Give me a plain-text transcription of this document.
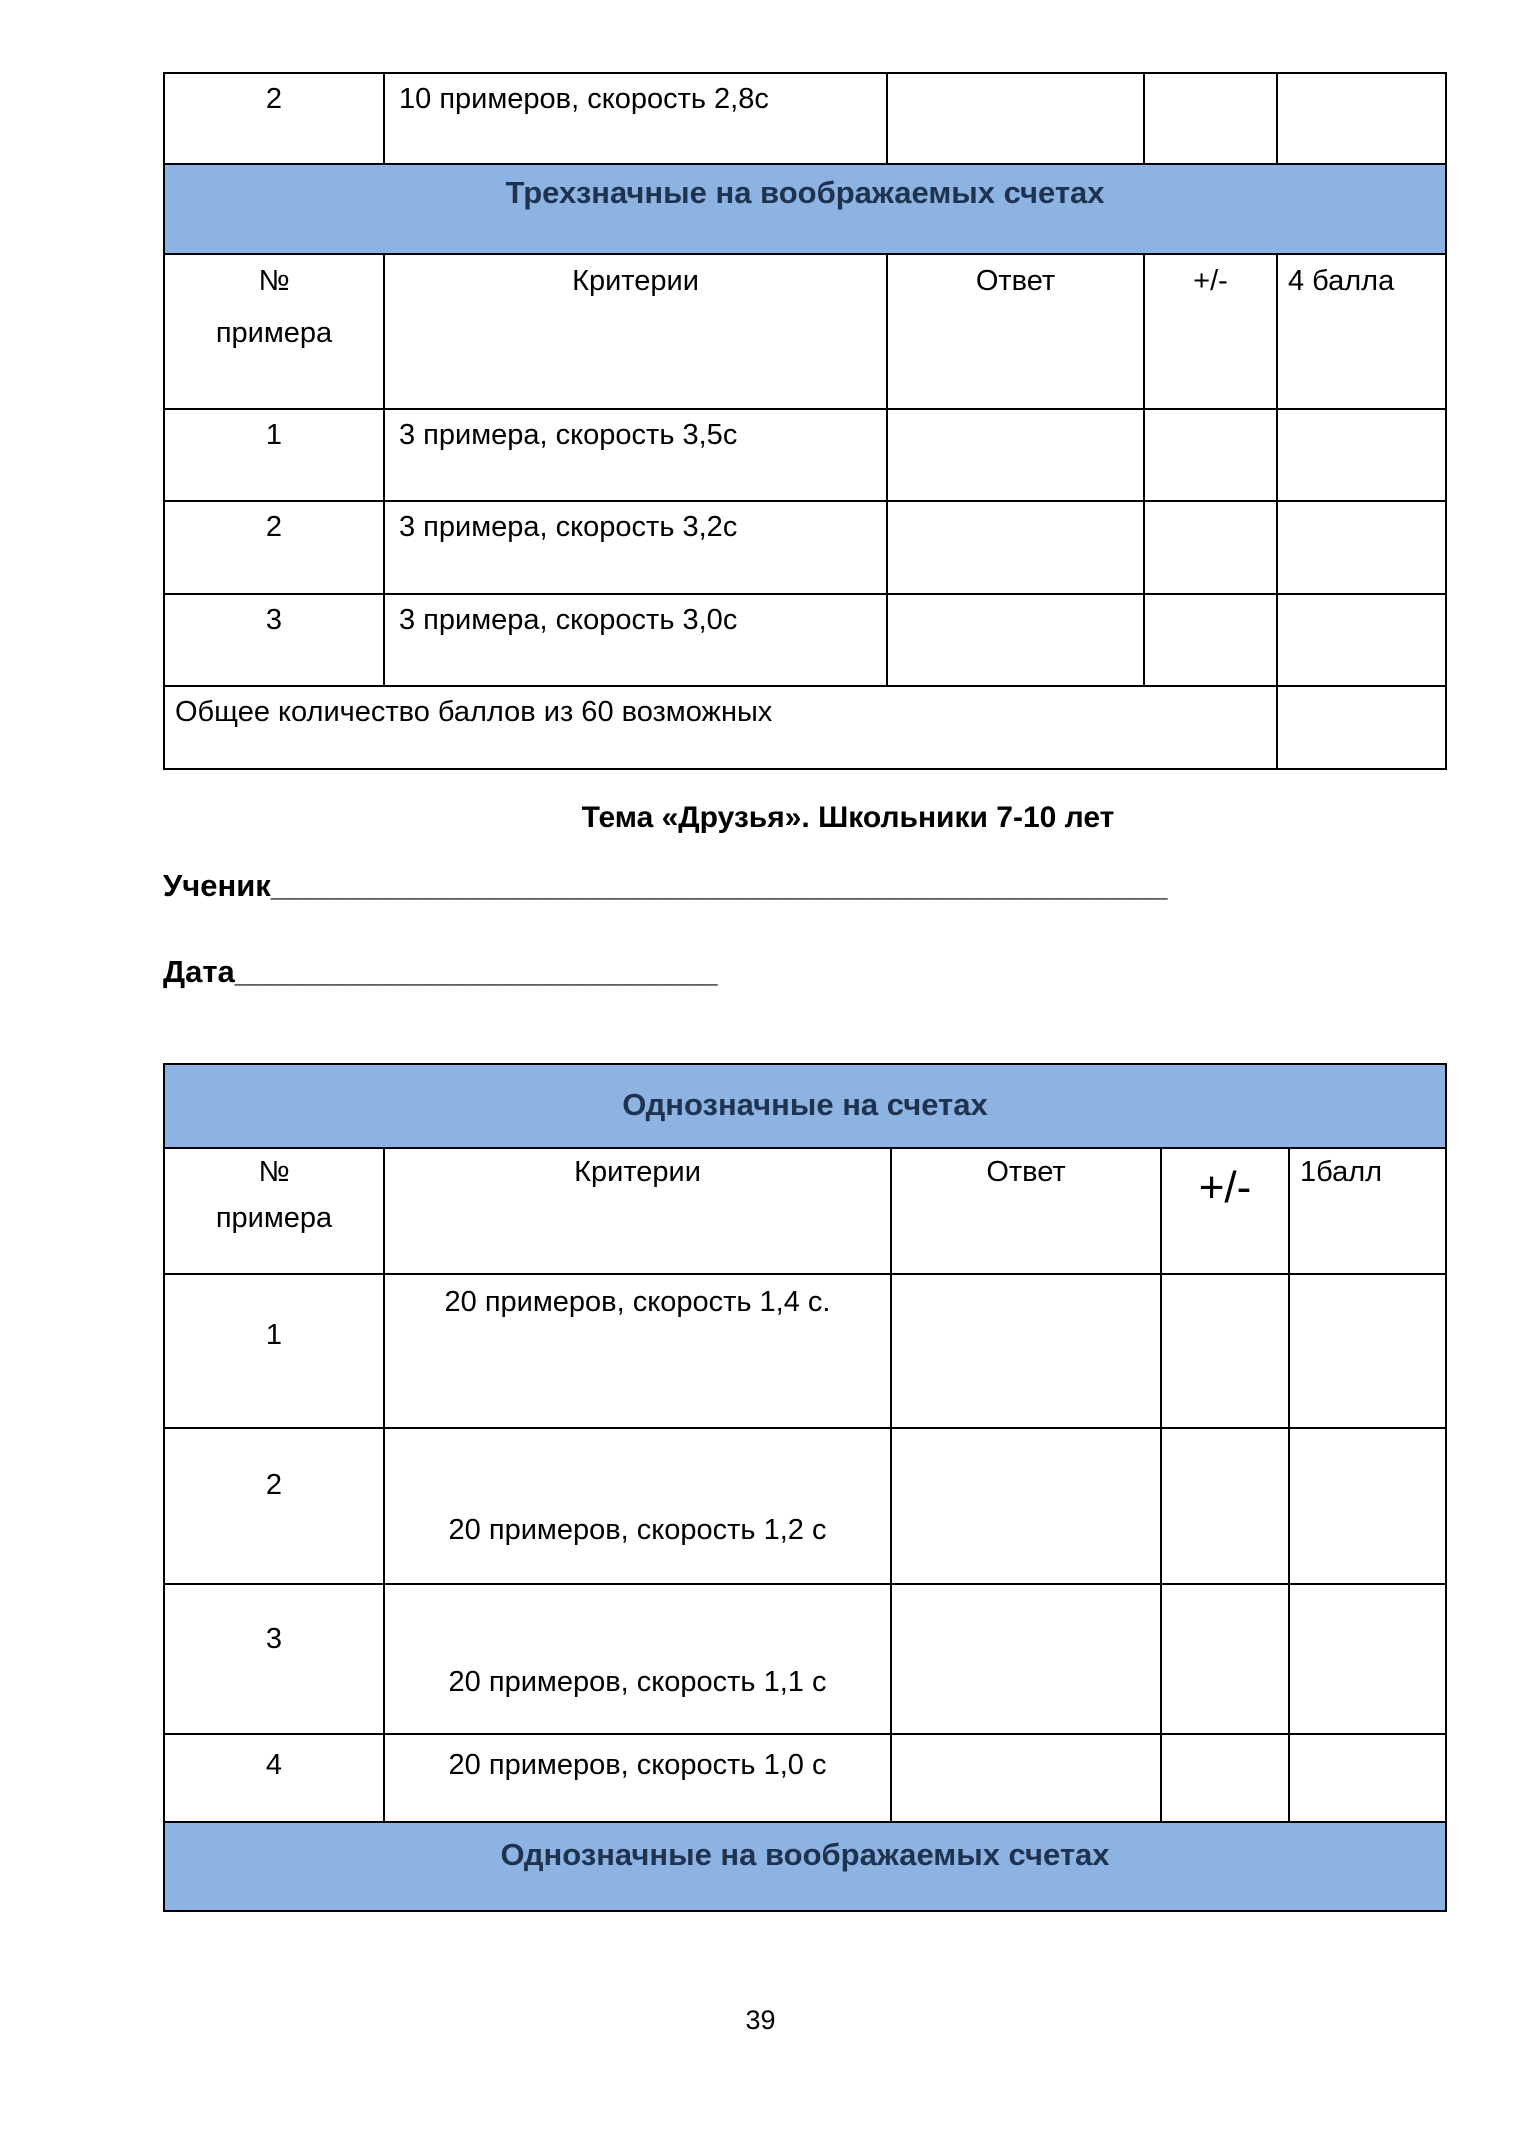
2	10 примеров, скорость 2,8с			
Трехзначные на воображаемых счетах				

№
примера	Критерии	Ответ	+/-	4 балла
1	3 примера, скорость 3,5с			
2	3 примера, скорость 3,2с			
3	3 примера, скорость 3,0с			
Общее количество баллов из 60 возможных				
Тема «Друзья». Школьники 7-10 лет
Ученик____________________________________________________
Дата____________________________
Однозначные на счетах				

№
примера	Критерии	Ответ	+/-	1балл
1	20 примеров, скорость 1,4 с.			
2	20 примеров, скорость 1,2 с			
3	20 примеров, скорость 1,1 с			
4	20 примеров, скорость 1,0 с			
Однозначные на воображаемых счетах				
39
